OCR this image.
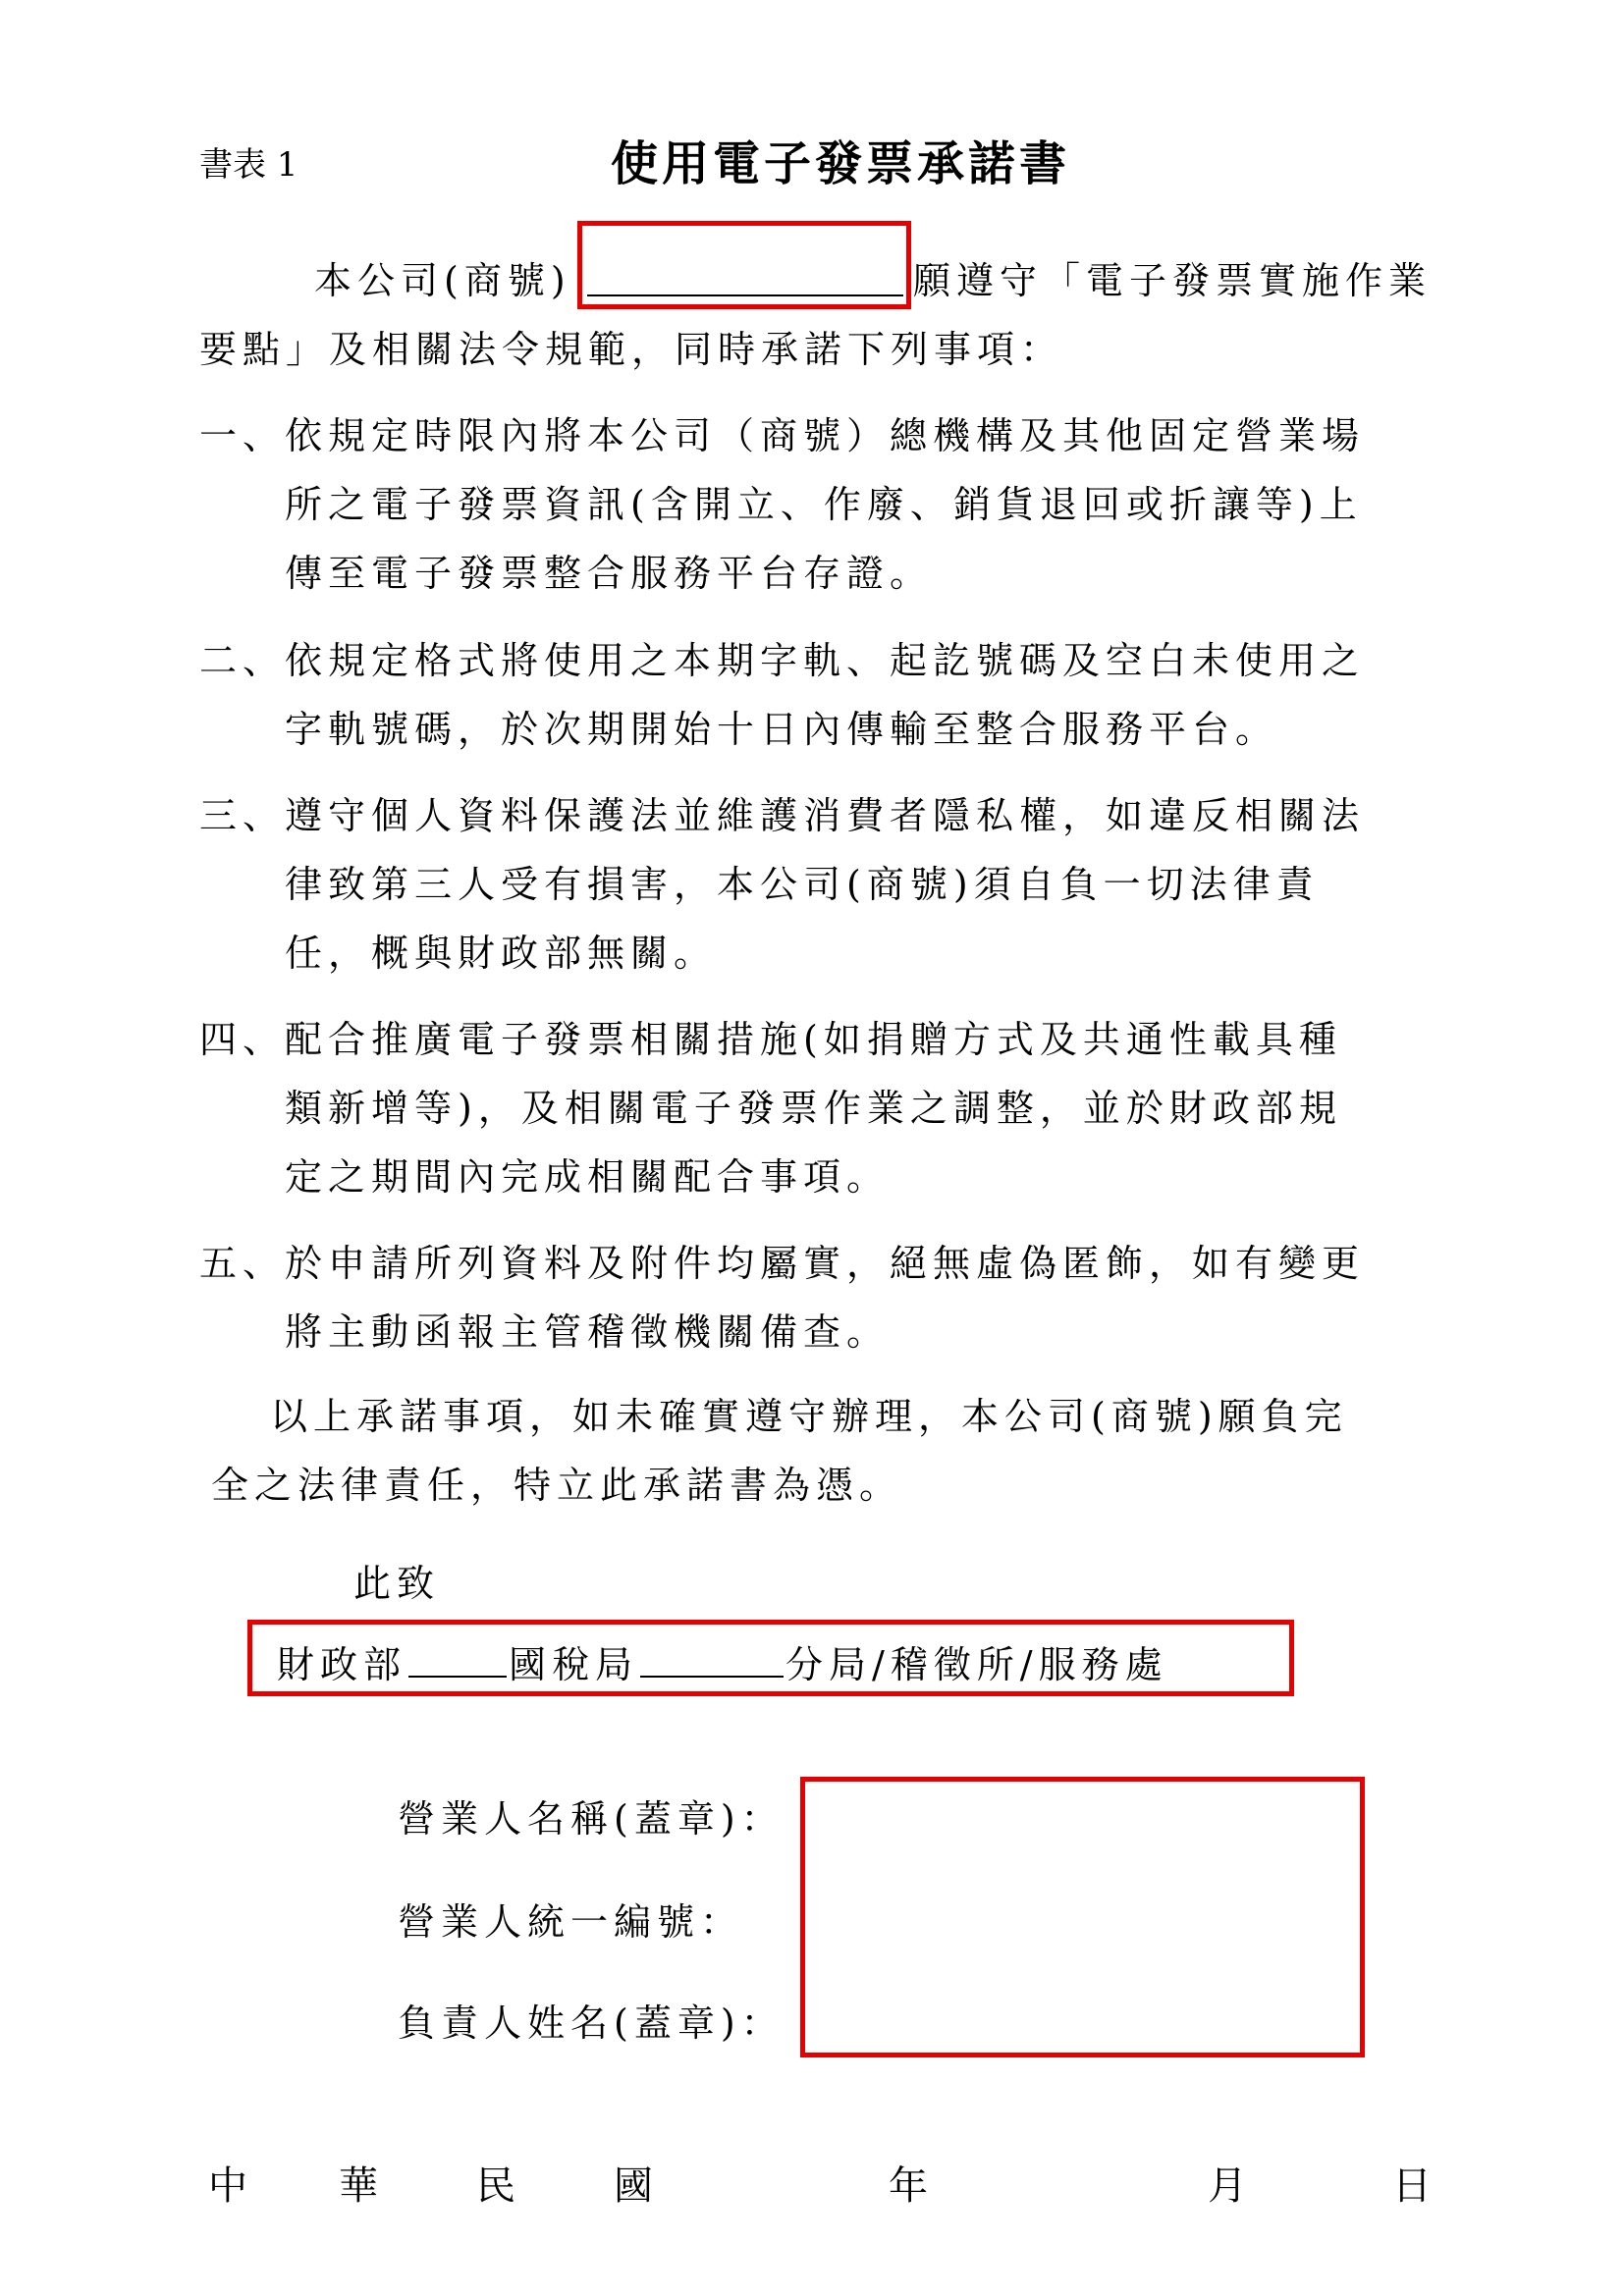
書表 1	使用電子發票承諾書
本公司(商號)	願遵守「電子發票實施作業
要點」及相關法令規範，同時承諾下列事項：
一、
依規定時限內將本公司（商號）總機構及其他固定營業場
所之電子發票資訊(含開立、作廢、銷貨退回或折讓等)上
傳至電子發票整合服務平台存證。
二、
依規定格式將使用之本期字軌、起訖號碼及空白未使用之
字軌號碼，於次期開始十日內傳輸至整合服務平台。
三、
遵守個人資料保護法並維護消費者隱私權，如違反相關法
律致第三人受有損害，本公司(商號)須自負一切法律責
任，概與財政部無關。
四、
配合推廣電子發票相關措施(如捐贈方式及共通性載具種
類新增等)，及相關電子發票作業之調整，並於財政部規
定之期間內完成相關配合事項。
五、
於申請所列資料及附件均屬實，絕無虛偽匿飾，如有變更
將主動函報主管稽徵機關備查。
以上承諾事項，如未確實遵守辦理，本公司(商號)願負完
全之法律責任，特立此承諾書為憑。
此致
財政部	國稅局	分局/稽徵所/服務處
營業人名稱(蓋章)：
營業人統一編號：
負責人姓名(蓋章)：
中 華	民	國	年	月	日
